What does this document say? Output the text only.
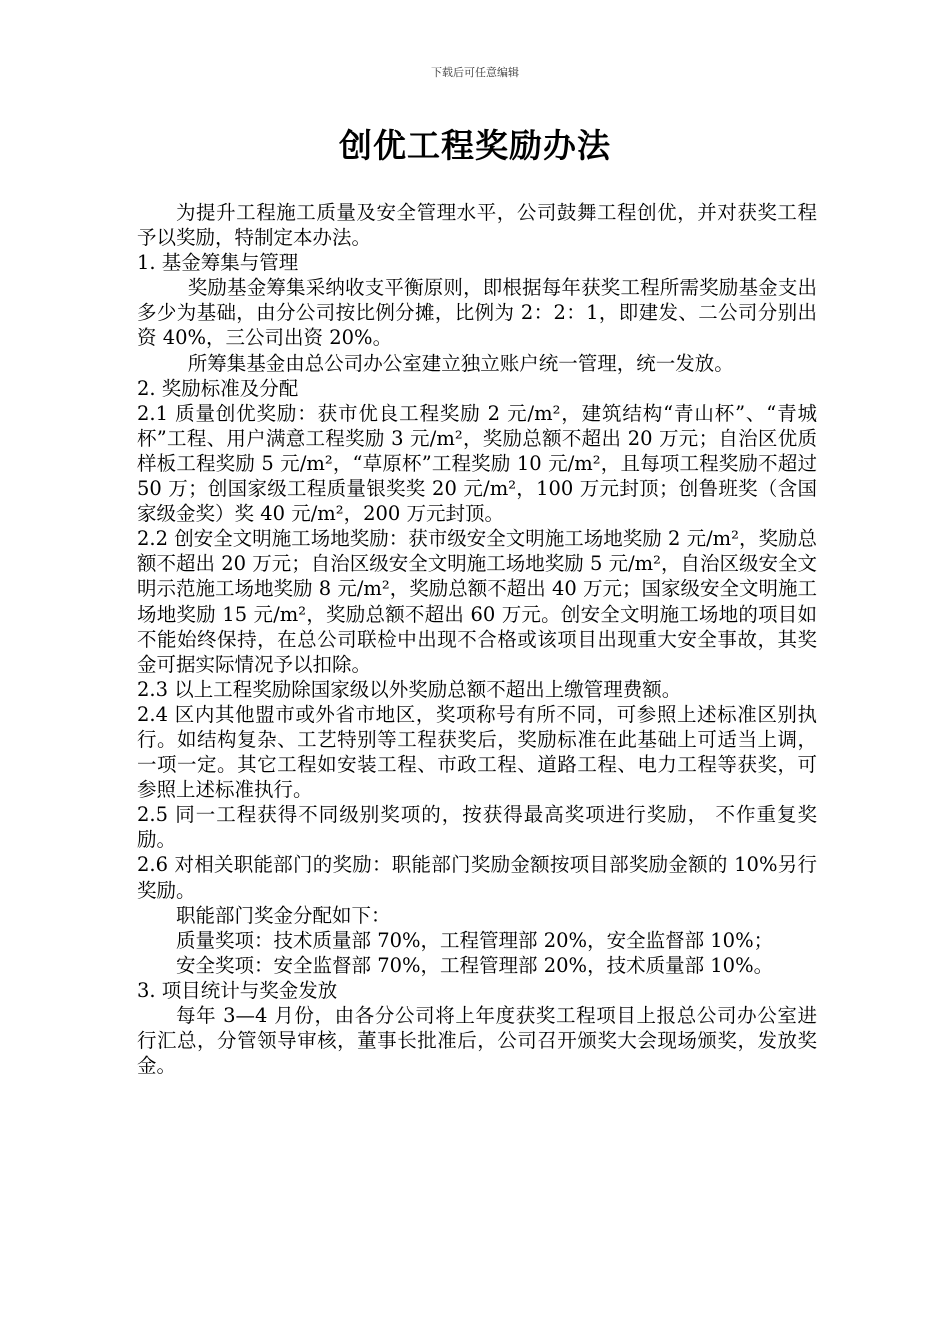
下载后可任意编辑
创优工程奖励办法

为提升工程施工质量及安全管理水平，公司鼓舞工程创优，并对获奖工程予以奖励，特制定本办法。

1. 基金筹集与管理

奖励基金筹集采纳收支平衡原则，即根据每年获奖工程所需奖励基金支出多少为基础，由分公司按比例分摊，比例为 2：2：1，即建发、二公司分别出资 40%，三公司出资 20%。

所筹集基金由总公司办公室建立独立账户统一管理，统一发放。

2. 奖励标准及分配

2.1 质量创优奖励：获市优良工程奖励 2 元/m²，建筑结构“青山杯”、“青城杯”工程、用户满意工程奖励 3 元/m²，奖励总额不超出 20 万元；自治区优质样板工程奖励 5 元/m²，“草原杯”工程奖励 10 元/m²，且每项工程奖励不超过 50 万；创国家级工程质量银奖奖 20 元/m²，100 万元封顶；创鲁班奖（含国家级金奖）奖 40 元/m²，200 万元封顶。

2.2 创安全文明施工场地奖励：获市级安全文明施工场地奖励 2 元/m²，奖励总额不超出 20 万元；自治区级安全文明施工场地奖励 5 元/m²，自治区级安全文明示范施工场地奖励 8 元/m²，奖励总额不超出 40 万元；国家级安全文明施工场地奖励 15 元/m²，奖励总额不超出 60 万元。创安全文明施工场地的项目如不能始终保持，在总公司联检中出现不合格或该项目出现重大安全事故，其奖金可据实际情况予以扣除。

2.3 以上工程奖励除国家级以外奖励总额不超出上缴管理费额。

2.4 区内其他盟市或外省市地区，奖项称号有所不同，可参照上述标准区别执行。如结构复杂、工艺特别等工程获奖后，奖励标准在此基础上可适当上调，一项一定。其它工程如安装工程、市政工程、道路工程、电力工程等获奖，可参照上述标准执行。

2.5 同一工程获得不同级别奖项的，按获得最高奖项进行奖励， 不作重复奖励。

2.6 对相关职能部门的奖励：职能部门奖励金额按项目部奖励金额的 10%另行奖励。

职能部门奖金分配如下：

质量奖项：技术质量部 70%，工程管理部 20%，安全监督部 10%；

安全奖项：安全监督部 70%，工程管理部 20%，技术质量部 10%。

3. 项目统计与奖金发放

每年 3—4 月份，由各分公司将上年度获奖工程项目上报总公司办公室进行汇总，分管领导审核，董事长批准后，公司召开颁奖大会现场颁奖，发放奖金。
